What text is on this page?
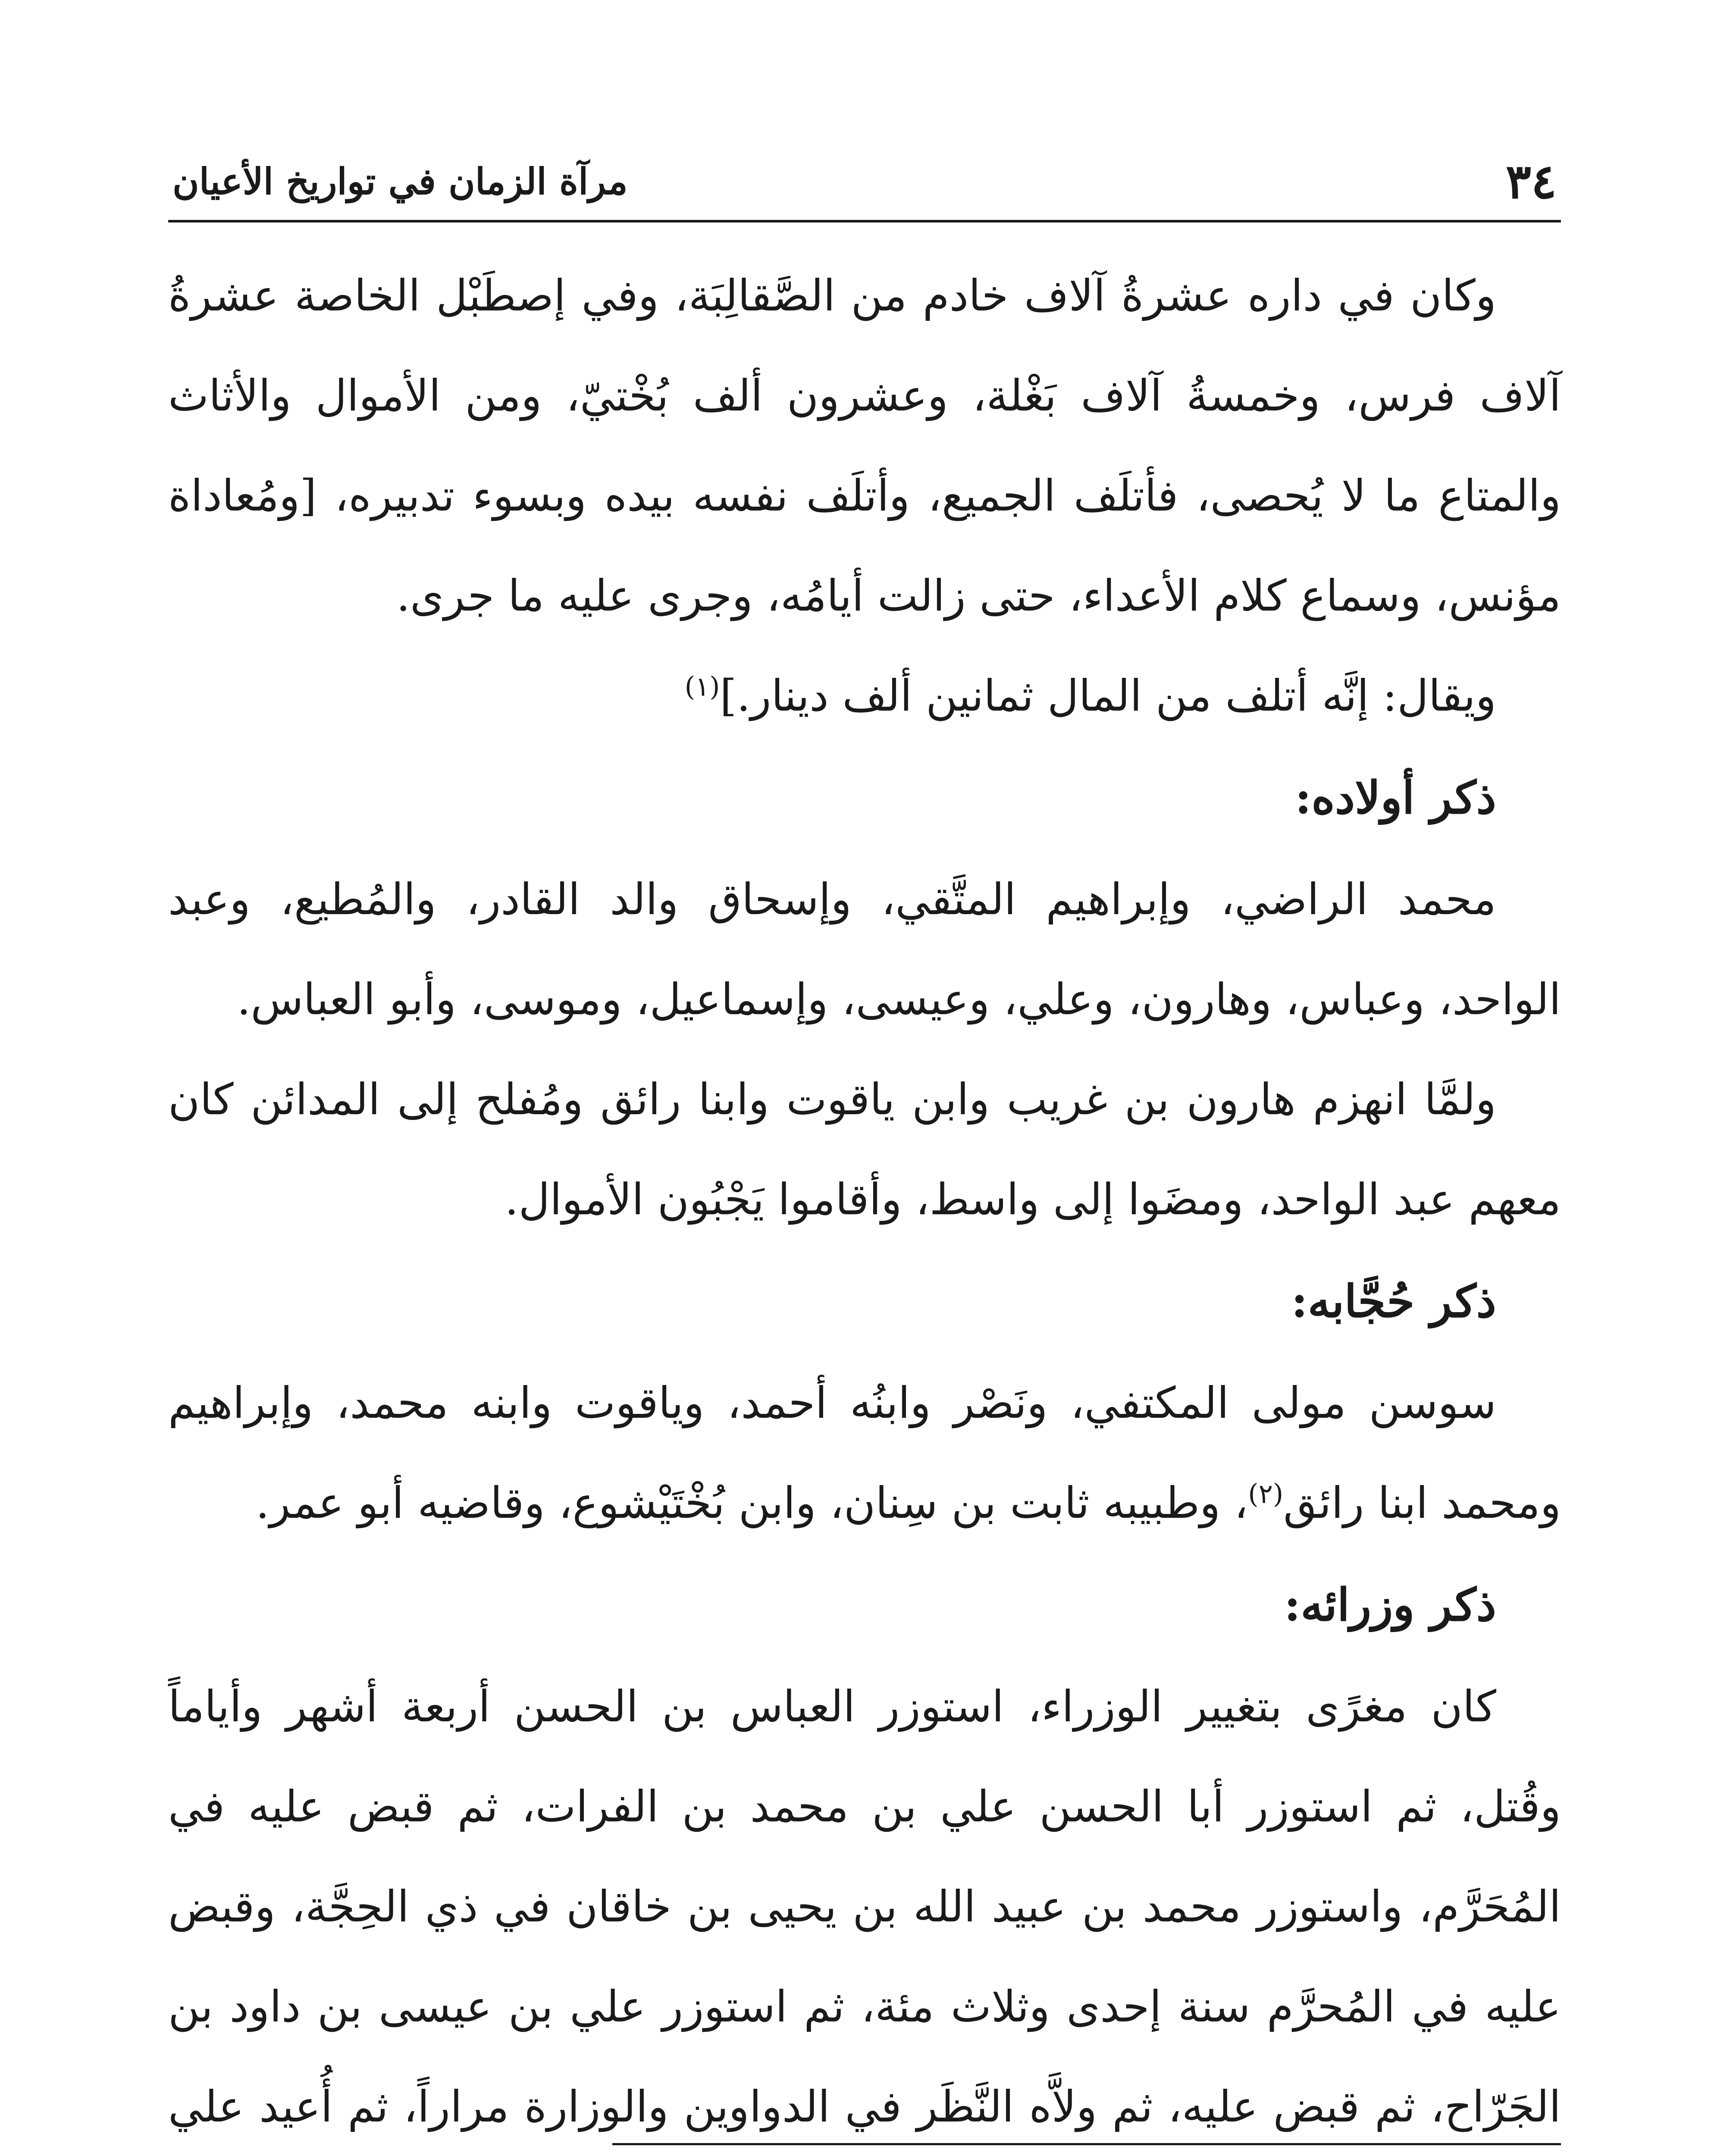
٣٤
مرآة الزمان في تواريخ الأعيان

وكان في داره عشرةُ آلاف خادم من الصَّقالِبَة، وفي إصطَبْل الخاصة عشرةُ آلاف فرس، وخمسةُ آلاف بَغْلة، وعشرون ألف بُخْتيّ، ومن الأموال والأثاث والمتاع ما لا يُحصى، فأتلَف الجميع، وأتلَف نفسه بيده وبسوء تدبيره، [ومُعاداة مؤنس، وسماع كلام الأعداء، حتى زالت أيامُه، وجرى عليه ما جرى.

ويقال: إنَّه أتلف من المال ثمانين ألف دينار.]$^{(١)}$

ذكر أولاده:

محمد الراضي، وإبراهيم المتَّقي، وإسحاق والد القادر، والمُطيع، وعبد الواحد، وعباس، وهارون، وعلي، وعيسى، وإسماعيل، وموسى، وأبو العباس.

ولمَّا انهزم هارون بن غريب وابن ياقوت وابنا رائق ومُفلح إلى المدائن كان معهم عبد الواحد، ومضَوا إلى واسط، وأقاموا يَجْبُون الأموال.

ذكر حُجَّابه:

سوسن مولى المكتفي، ونَصْر وابنُه أحمد، وياقوت وابنه محمد، وإبراهيم ومحمد ابنا رائق$^{(٢)}$، وطبيبه ثابت بن سِنان، وابن بُخْتَيْشوع، وقاضيه أبو عمر.

ذكر وزرائه:

كان مغرًى بتغيير الوزراء، استوزر العباس بن الحسن أربعة أشهر وأياماً وقُتل، ثم استوزر أبا الحسن علي بن محمد بن الفرات، ثم قبض عليه في المُحَرَّم، واستوزر محمد بن عبيد الله بن يحيى بن خاقان في ذي الحِجَّة، وقبض عليه في المُحرَّم سنة إحدى وثلاث مئة، ثم استوزر علي بن عيسى بن داود بن الجَرّاح، ثم قبض عليه، ثم ولاَّه النَّظَر في الدواوين والوزارة مراراً، ثم أُعيد علي
